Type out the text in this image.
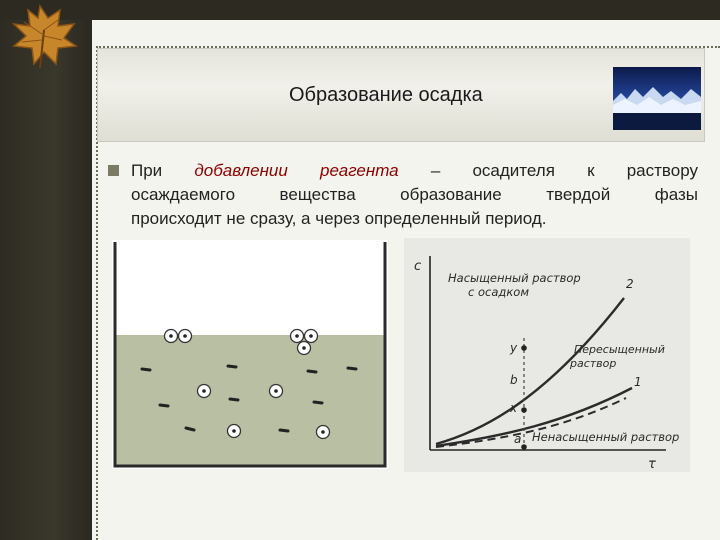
Образование осадка
При добавлении реагента – осадителя к раствору
осаждаемого вещества образование твердой фазы
происходит не сразу, а через определенный период.
c
τ
Насыщенный раствор с осадком
Пересыщенный раствор
Ненасыщенный раствор
2
1
y
b
x
a
